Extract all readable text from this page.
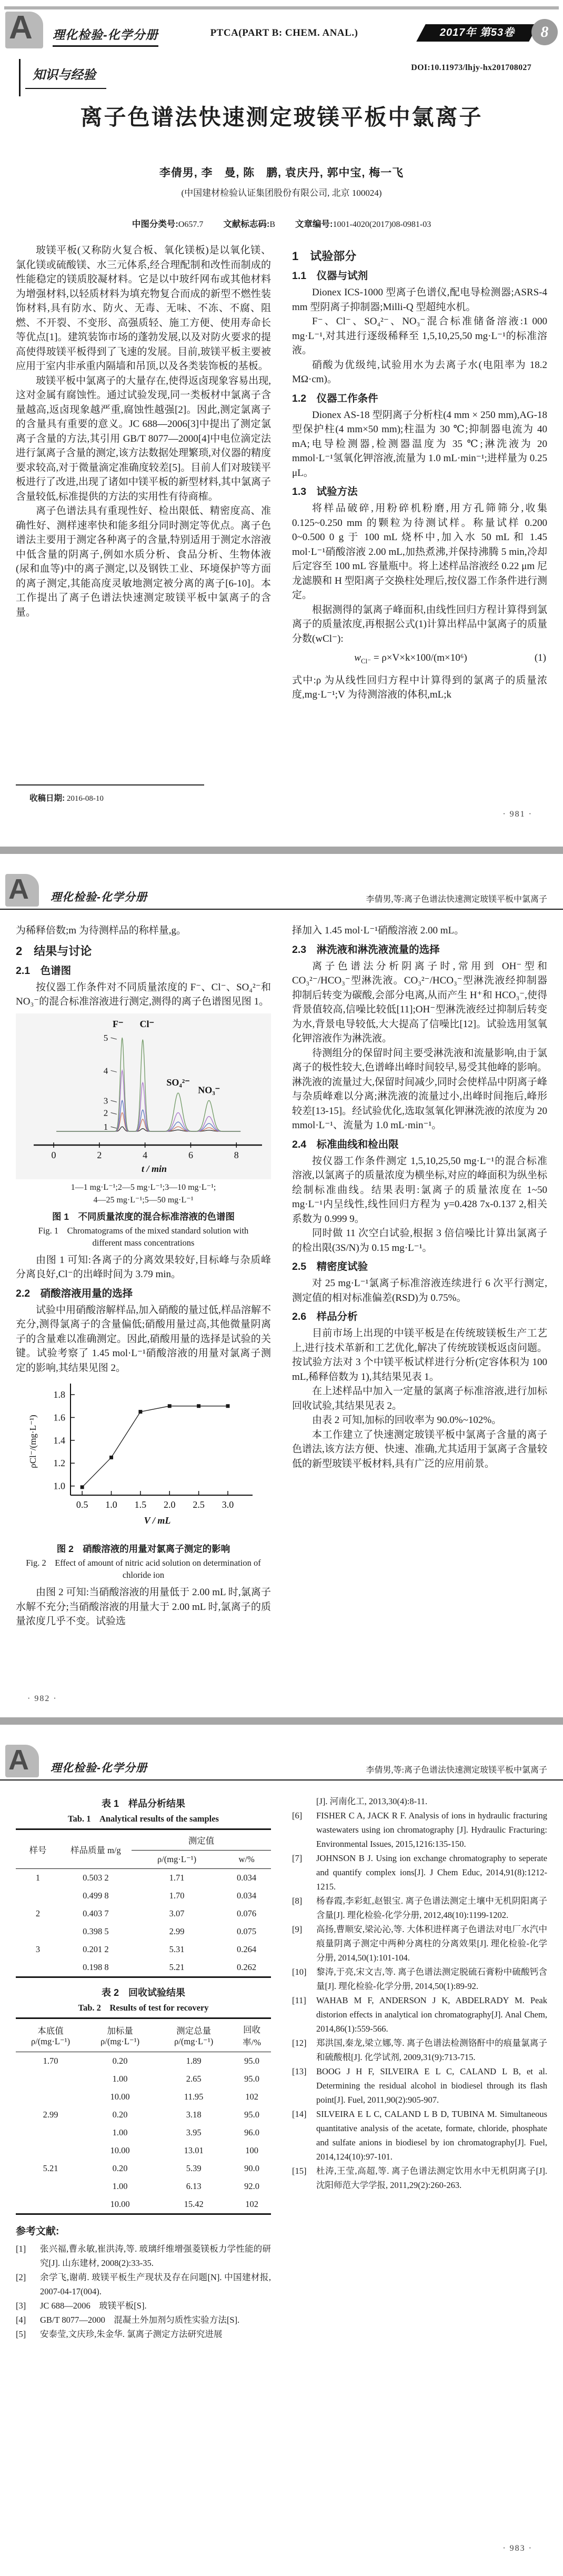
A 理化检验-化学分册	PTCA(PART B: CHEM. ANAL.)	2017年 第53卷	8
知识与经验
DOI:10.11973/lhjy-hx201708027
离子色谱法快速测定玻镁平板中氯离子
李倩男, 李　曼, 陈　鹏, 袁庆丹, 郭中宝, 梅一飞
(中国建材检验认证集团股份有限公司, 北京 100024)
中图分类号:O657.7 文献标志码:B 文章编号:1001-4020(2017)08-0981-03
玻镁平板(又称防火复合板、氧化镁板)是以氧化镁、氯化镁或硫酸镁、水三元体系,经合理配制和改性而制成的性能稳定的镁质胶凝材料。它是以中玻纤网布或其他材料为增强材料,以轻质材料为填充物复合而成的新型不燃性装饰材料,具有防水、防火、无毒、无味、不冻、不腐、阻燃、不开裂、不变形、高强质轻、施工方便、使用寿命长等优点[1]。建筑装饰市场的蓬勃发展,以及对防火要求的提高使得玻镁平板得到了飞速的发展。目前,玻镁平板主要被应用于室内非承重内隔墙和吊顶,以及各类装饰板的基板。
玻镁平板中氯离子的大量存在,使得返卤现象容易出现,这对金属有腐蚀性。通过试验发现,同一类板材中氯离子含量越高,返卤现象越严重,腐蚀性越强[2]。因此,测定氯离子的含量具有重要的意义。JC 688—2006[3]中提出了测定氯离子含量的方法,其引用 GB/T 8077—2000[4]中电位滴定法进行氯离子含量的测定,该方法数据处理繁琐,对仪器的精度要求较高,对于微量滴定准确度较差[5]。目前人们对玻镁平板进行了改进,出现了诸如中镁平板的新型材料,其中氯离子含量较低,标准提供的方法的实用性有待商榷。
离子色谱法具有重现性好、检出限低、精密度高、准确性好、测样速率快和能多组分同时测定等优点。离子色谱法主要用于测定各种离子的含量,特别适用于测定水溶液中低含量的阴离子,例如水质分析、食品分析、生物体液(尿和血等)中的离子测定,以及钢铁工业、环境保护等方面的离子测定,其能高度灵敏地测定被分离的离子[6-10]。本工作提出了离子色谱法快速测定玻镁平板中氯离子的含量。
1　试验部分
1.1　仪器与试剂
Dionex ICS-1000 型离子色谱仪,配电导检测器;ASRS-4 mm 型阴离子抑制器;Milli-Q 型超纯水机。
F⁻、Cl⁻、SO₄²⁻、NO₃⁻混合标准储备溶液:1 000 mg·L⁻¹,对其进行逐级稀释至 1,5,10,25,50 mg·L⁻¹的标准溶液。
硝酸为优级纯,试验用水为去离子水(电阻率为 18.2 MΩ·cm)。
1.2　仪器工作条件
Dionex AS-18 型阴离子分析柱(4 mm × 250 mm),AG-18 型保护柱(4 mm×50 mm);柱温为 30 ℃;抑制器电流为 40 mA;电导检测器,检测器温度为 35 ℃;淋洗液为 20 mmol·L⁻¹氢氧化钾溶液,流量为 1.0 mL·min⁻¹;进样量为 0.25 μL。
1.3　试验方法
将样品破碎,用粉碎机粉磨,用方孔筛筛分,收集 0.125~0.250 mm 的颗粒为待测试样。称量试样 0.200 0~0.500 0 g 于 100 mL 烧杯中,加入水 50 mL 和 1.45 mol·L⁻¹硝酸溶液 2.00 mL,加热煮沸,并保持沸腾 5 min,冷却后定容至 100 mL 容量瓶中。将上述样品溶液经 0.22 μm 尼龙滤膜和 H 型阳离子交换柱处理后,按仪器工作条件进行测定。
根据测得的氯离子峰面积,由线性回归方程计算得到氯离子的质量浓度,再根据公式(1)计算出样品中氯离子的质量分数(wCl⁻):
$w_{Cl^-} = \rho\times V\times k\times 100/(m\times 10^6)$	(1)
式中:ρ 为从线性回归方程中计算得到的氯离子的质量浓度,mg·L⁻¹;V 为待测溶液的体积,mL;k
收稿日期: 2016-08-10
· 981 ·
A 理化检验-化学分册	李倩男,等:离子色谱法快速测定玻镁平板中氯离子
为稀释倍数;m 为待测样品的称样量,g。
2　结果与讨论
2.1　色谱图
按仪器工作条件对不同质量浓度的 F⁻、Cl⁻、SO₄²⁻和 NO₃⁻的混合标准溶液进行测定,测得的离子色谱图见图 1。
1
2
3
4
5
F⁻ Cl⁻
SO₄²⁻
NO₃⁻
0	2	4	6	8
t / min
1—1 mg·L⁻¹;2—5 mg·L⁻¹;3—10 mg·L⁻¹;
4—25 mg·L⁻¹;5—50 mg·L⁻¹
图 1　不同质量浓度的混合标准溶液的色谱图
Fig. 1　Chromatograms of the mixed standard solution with different mass concentrations
由图 1 可知:各离子的分离效果较好,目标峰与杂质峰分离良好,Cl⁻的出峰时间为 3.79 min。
2.2　硝酸溶液用量的选择
试验中用硝酸溶解样品,加入硝酸的量过低,样品溶解不充分,测得氯离子的含量偏低;硝酸用量过高,其他微量阴离子的含量难以准确测定。因此,硝酸用量的选择是试验的关键。试验考察了 1.45 mol·L⁻¹硝酸溶液的用量对氯离子测定的影响,其结果见图 2。
1.0
1.2
1.4
1.6
1.8
0.5 1.0 1.5 2.0 2.5 3.0
ρCl⁻/(mg·L⁻¹)
V / mL
图 2　硝酸溶液的用量对氯离子测定的影响
Fig. 2　Effect of amount of nitric acid solution on determination of chloride ion
由图 2 可知:当硝酸溶液的用量低于 2.00 mL 时,氯离子水解不充分;当硝酸溶液的用量大于 2.00 mL 时,氯离子的质量浓度几乎不变。试验选
择加入 1.45 mol·L⁻¹硝酸溶液 2.00 mL。
2.3　淋洗液和淋洗液流量的选择
离子色谱法分析阴离子时,常用到 OH⁻型和 CO₃²⁻/HCO₃⁻型淋洗液。CO₃²⁻/HCO₃⁻型淋洗液经抑制器抑制后转变为碳酸,会部分电离,从而产生 H⁺和 HCO₃⁻,使得背景值较高,信噪比较低[11];OH⁻型淋洗液经过抑制后转变为水,背景电导较低,大大提高了信噪比[12]。试验选用氢氧化钾溶液作为淋洗液。
待测组分的保留时间主要受淋洗液和流量影响,由于氯离子的极性较大,色谱峰出峰时间较早,易受其他峰的影响。淋洗液的流量过大,保留时间减少,同时会使样品中阴离子峰与杂质峰难以分离;淋洗液的流量过小,出峰时间拖后,峰形较差[13-15]。经试验优化,选取氢氧化钾淋洗液的浓度为 20 mmol·L⁻¹、流量为 1.0 mL·min⁻¹。
2.4　标准曲线和检出限
按仪器工作条件测定 1,5,10,25,50 mg·L⁻¹的混合标准溶液,以氯离子的质量浓度为横坐标,对应的峰面积为纵坐标绘制标准曲线。结果表明:氯离子的质量浓度在 1~50 mg·L⁻¹内呈线性,线性回归方程为 y=0.428 7x-0.137 2,相关系数为 0.999 9。
同时做 11 次空白试验,根据 3 倍信噪比计算出氯离子的检出限(3S/N)为 0.15 mg·L⁻¹。
2.5　精密度试验
对 25 mg·L⁻¹氯离子标准溶液连续进行 6 次平行测定,测定值的相对标准偏差(RSD)为 0.75%。
2.6　样品分析
目前市场上出现的中镁平板是在传统玻镁板生产工艺上,进行技术革新和工艺优化,解决了传统玻镁板返卤问题。按试验方法对 3 个中镁平板试样进行分析(定容体积为 100 mL,稀释倍数为 1),其结果见表 1。
在上述样品中加入一定量的氯离子标准溶液,进行加标回收试验,其结果见表 2。
由表 2 可知,加标的回收率为 90.0%~102%。
本工作建立了快速测定玻镁平板中氯离子含量的离子色谱法,该方法方便、快速、准确,尤其适用于氯离子含量较低的新型玻镁平板材料,具有广泛的应用前景。
· 982 ·
A 理化检验-化学分册	李倩男,等:离子色谱法快速测定玻镁平板中氯离子
表 1　样品分析结果
Tab. 1　Analytical results of the samples
样号	样品质量 m/g	测定值	
		ρ/(mg·L⁻¹)	w/%
1	0.503 2	1.71	0.034
	0.499 8	1.70	0.034
2	0.403 7	3.07	0.076
	0.398 5	2.99	0.075
3	0.201 2	5.31	0.264
	0.198 8	5.21	0.262
表 2　回收试验结果
Tab. 2　Results of test for recovery
本底值 ρ/(mg·L⁻¹)	加标量 ρ/(mg·L⁻¹)	测定总量 ρ/(mg·L⁻¹)	回收率/%
1.70	0.20	1.89	95.0
	1.00	2.65	95.0
	10.00	11.95	102
2.99	0.20	3.18	95.0
	1.00	3.95	96.0
	10.00	13.01	100
5.21	0.20	5.39	90.0
	1.00	6.13	92.0
	10.00	15.42	102
参考文献:
[1]	张兴福,曹永敏,崔洪涛,等. 玻璃纤维增强菱镁板力学性能的研究[J]. 山东建材, 2008(2):33-35.
[2]	余学飞,谢萌. 玻镁平板生产现状及存在问题[N]. 中国建材报, 2007-04-17(004).
[3]	JC 688—2006　玻镁平板[S].
[4]	GB/T 8077—2000　混凝土外加剂匀质性实验方法[S].
[5]	安泰莹,文庆珍,朱金华. 氯离子测定方法研究进展
[J]. 河南化工, 2013,30(4):8-11.
[6]	FISHER C A, JACK R F. Analysis of ions in hydraulic fracturing wastewaters using ion chromatography [J]. Hydraulic Fracturing: Environmental Issues, 2015,1216:135-150.
[7]	JOHNSON B J. Using ion exchange chromatography to seperate and quantify complex ions[J]. J Chem Educ, 2014,91(8):1212-1215.
[8]	杨春霞,李彩虹,赵银宝. 离子色谱法测定土壤中无机阴阳离子含量[J]. 理化检验-化学分册, 2012,48(10):1199-1202.
[9]	高扬,曹顺安,梁沁沁,等. 大体积进样离子色谱法对电厂水汽中痕量阴离子测定中两种分离柱的分离效果[J]. 理化检验-化学分册, 2014,50(1):101-104.
[10]	黎涛,于亮,宋文吉,等. 离子色谱法测定脱硫石膏粉中硫酸钙含量[J]. 理化检验-化学分册, 2014,50(1):89-92.
[11]	WAHAB M F, ANDERSON J K, ABDELRADY M. Peak distorion effects in analytical ion chromatography[J]. Anal Chem, 2014,86(1):559-566.
[12]	郑洪国,秦龙,梁立娜,等. 离子色谱法检测铬酐中的痕量氯离子和硫酸根[J]. 化学试剂, 2009,31(9):713-715.
[13]	BOOG J H F, SILVEIRA E L C, CALAND L B, et al. Determining the residual alcohol in biodiesel through its flash point[J]. Fuel, 2011,90(2):905-907.
[14]	SILVEIRA E L C, CALAND L B D, TUBINA M. Simultaneous quantitative analysis of the acetate, formate, chloride, phosphate and sulfate anions in biodiesel by ion chromatography[J]. Fuel, 2014,124(10):97-101.
[15]	杜涛,王莹,高超,等. 离子色谱法测定饮用水中无机阴离子[J]. 沈阳师范大学学报, 2011,29(2):260-263.
· 983 ·
